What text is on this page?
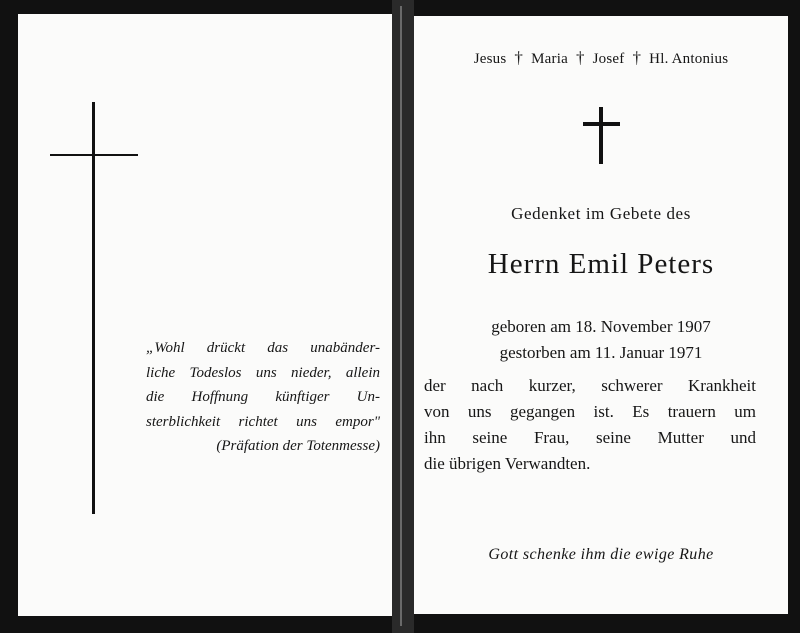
„Wohl drückt das unabänder-
liche Todeslos uns nieder, allein
die Hoffnung künftiger Un-
sterblichkeit richtet uns empor"
(Präfation der Totenmesse)
Jesus † Maria † Josef † Hl. Antonius
Gedenket im Gebete des
Herrn Emil Peters
geboren am 18. November 1907
gestorben am 11. Januar 1971
der nach kurzer, schwerer Krankheit
von uns gegangen ist. Es trauern um
ihn seine Frau, seine Mutter und
die übrigen Verwandten.
Gott schenke ihm die ewige Ruhe
